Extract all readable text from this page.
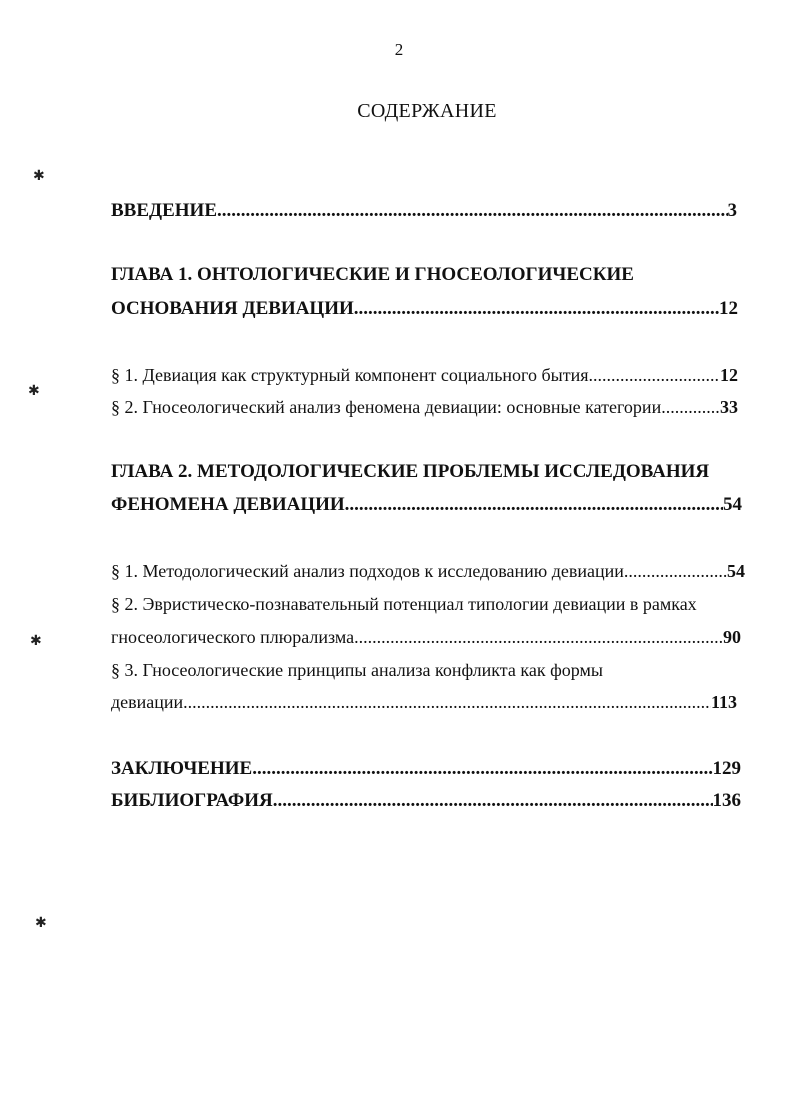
2
СОДЕРЖАНИЕ
✱
✱
✱
✱
ВВЕДЕНИЕ .....	3
ГЛАВА 1. ОНТОЛОГИЧЕСКИЕ И ГНОСЕОЛОГИЧЕСКИЕ
ОСНОВАНИЯ ДЕВИАЦИИ .....	12
§ 1. Девиация как структурный компонент социального бытия .....	12
§ 2. Гносеологический анализ феномена девиации: основные категории .....	33
ГЛАВА 2. МЕТОДОЛОГИЧЕСКИЕ ПРОБЛЕМЫ ИССЛЕДОВАНИЯ
ФЕНОМЕНА ДЕВИАЦИИ .....	54
§ 1. Методологический анализ подходов к исследованию девиации .....	54
§ 2. Эвристическо-познавательный потенциал типологии девиации в рамках
гносеологического плюрализма .....	90
§ 3. Гносеологические принципы анализа конфликта как формы
девиации .....	113
ЗАКЛЮЧЕНИЕ .....	129
БИБЛИОГРАФИЯ .....	136
